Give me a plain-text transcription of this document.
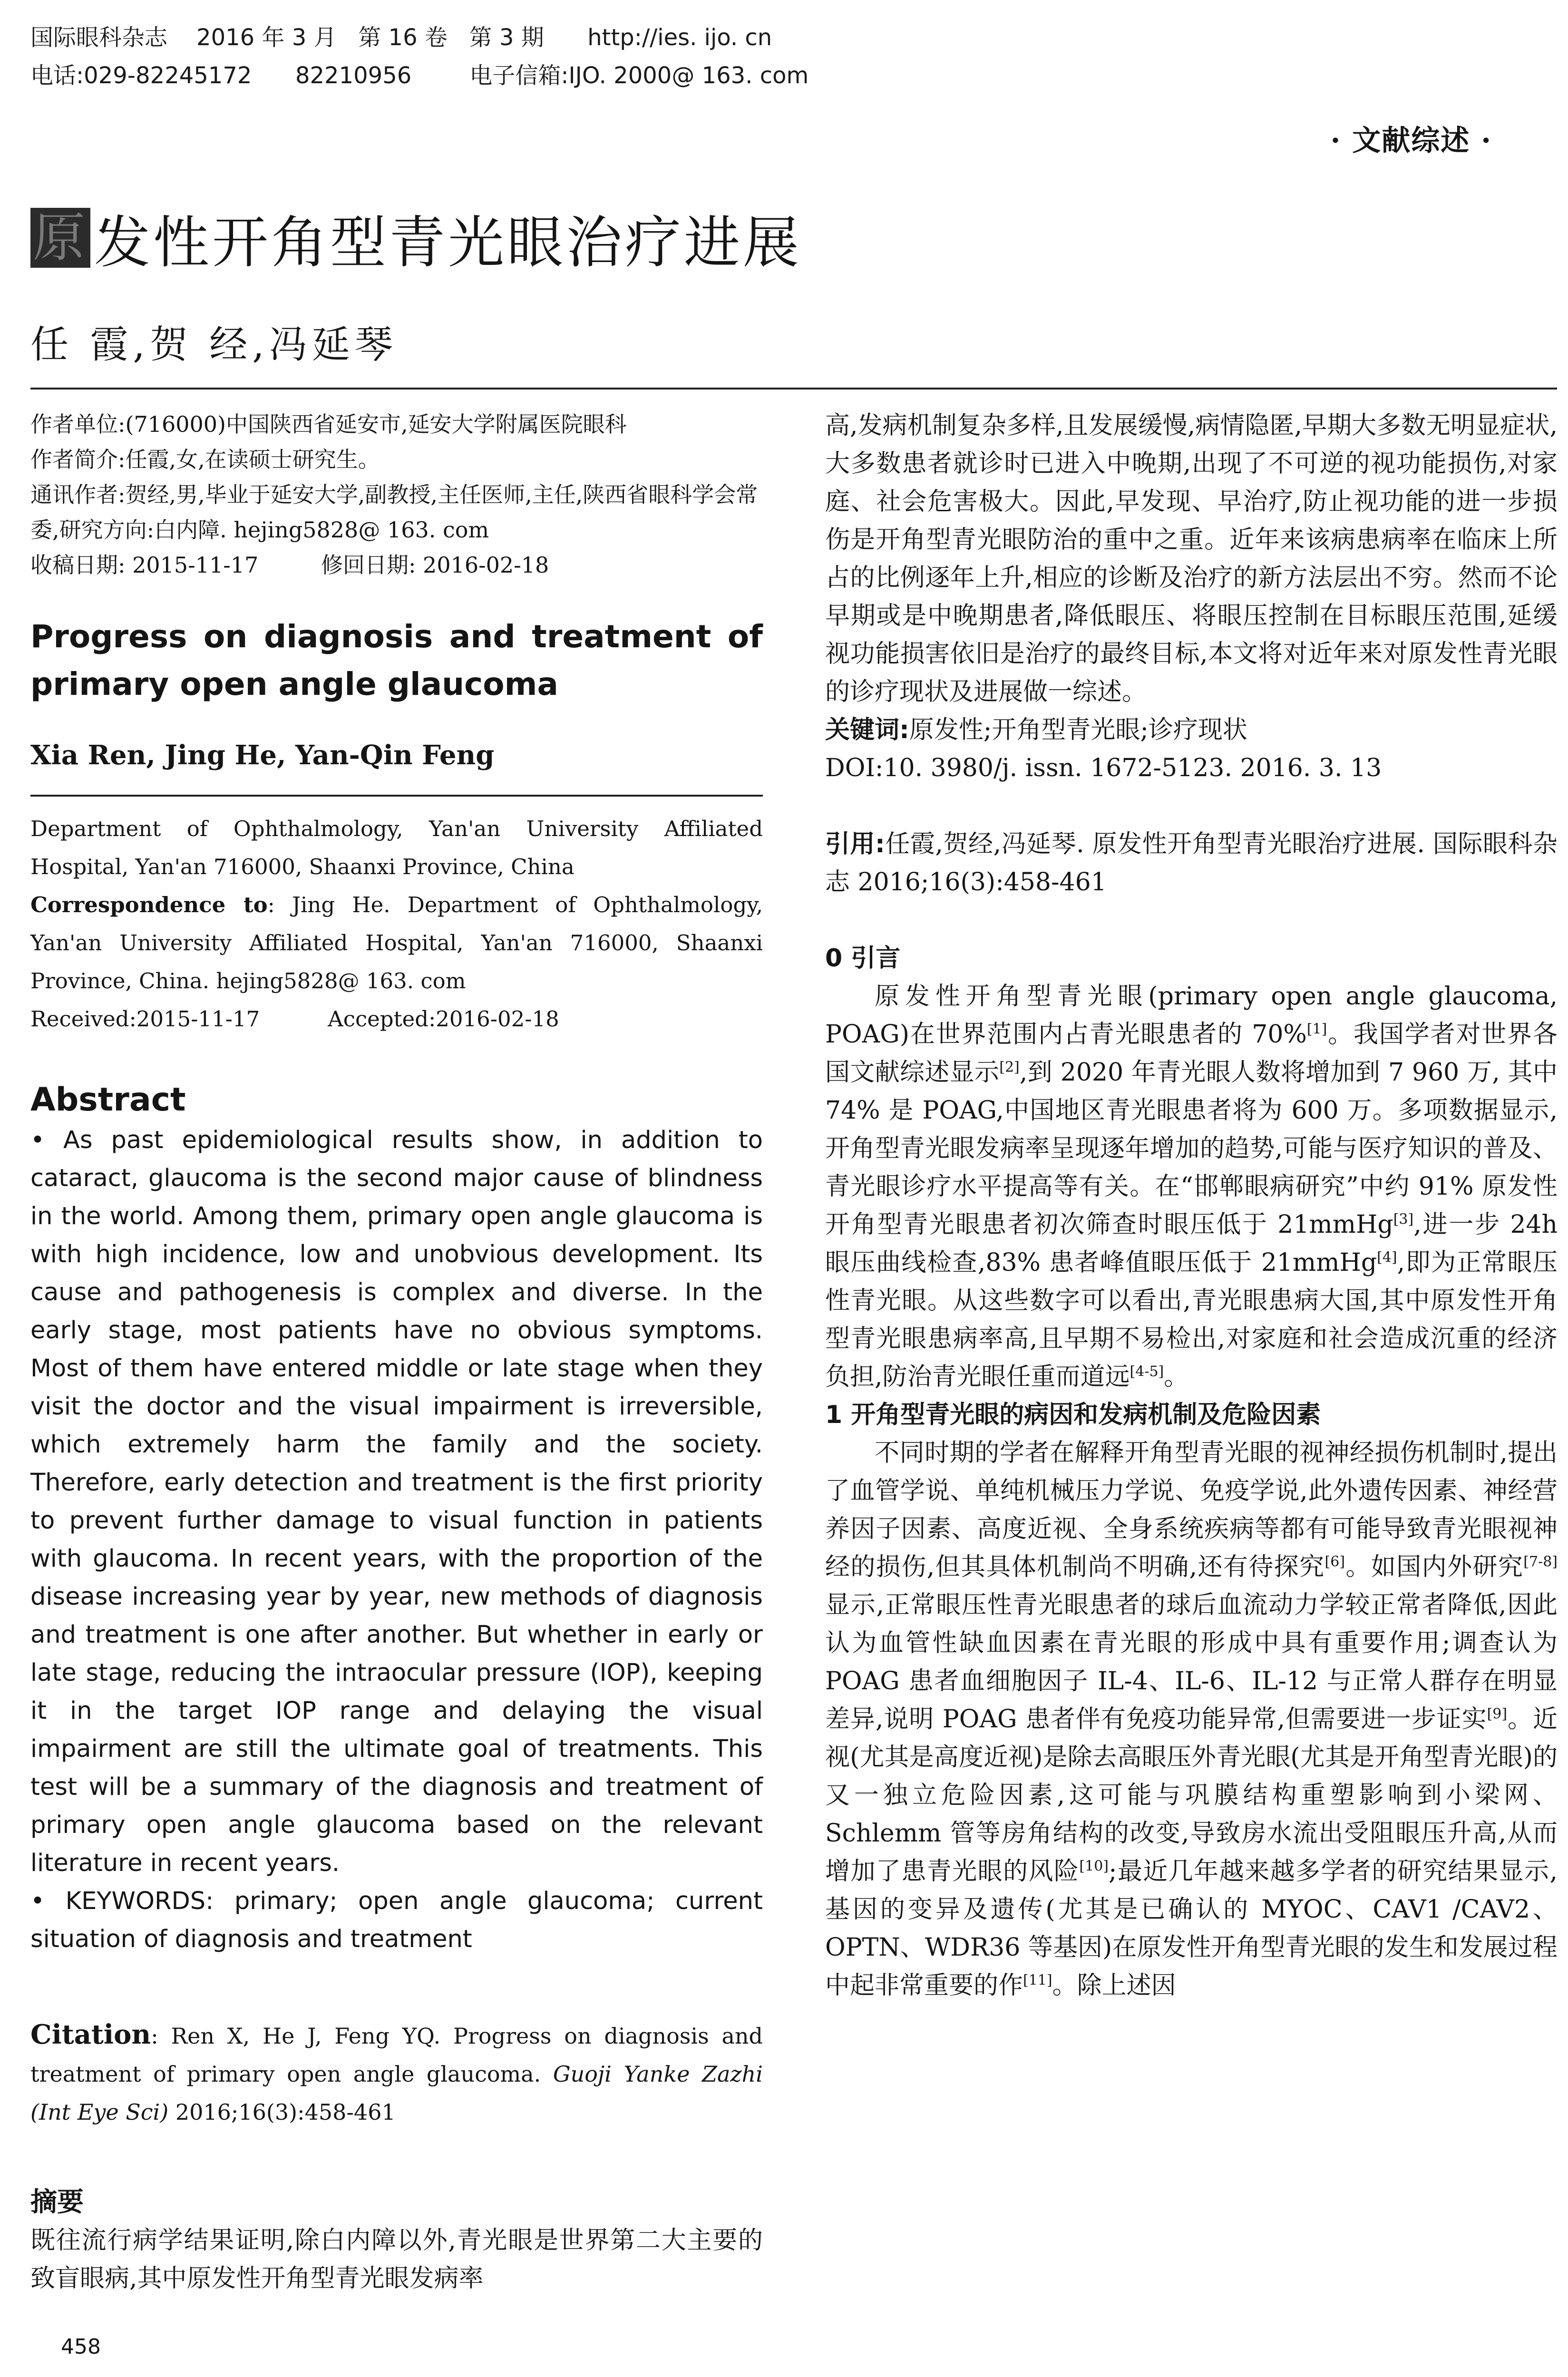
国际眼科杂志    2016 年 3 月   第 16 卷   第 3 期      http://ies. ijo. cn
电话:029-82245172      82210956        电子信箱:IJO. 2000@ 163. com
· 文献综述 ·
原 发性开角型青光眼治疗进展
任 霞,贺 经,冯延琴
作者单位:(716000)中国陕西省延安市,延安大学附属医院眼科
作者简介:任霞,女,在读硕士研究生。
通讯作者:贺经,男,毕业于延安大学,副教授,主任医师,主任,陕西省眼科学会常委,研究方向:白内障. hejing5828@ 163. com
收稿日期: 2015-11-17         修回日期: 2016-02-18
Progress on diagnosis and treatment of primary open angle glaucoma
Xia Ren, Jing He, Yan-Qin Feng
Department of Ophthalmology, Yan'an University Affiliated Hospital, Yan'an 716000, Shaanxi Province, China
Correspondence to: Jing He. Department of Ophthalmology, Yan'an University Affiliated Hospital, Yan'an 716000, Shaanxi Province, China. hejing5828@ 163. com
Received:2015-11-17          Accepted:2016-02-18
Abstract
• As past epidemiological results show, in addition to cataract, glaucoma is the second major cause of blindness in the world. Among them, primary open angle glaucoma is with high incidence, low and unobvious development. Its cause and pathogenesis is complex and diverse. In the early stage, most patients have no obvious symptoms. Most of them have entered middle or late stage when they visit the doctor and the visual impairment is irreversible, which extremely harm the family and the society. Therefore, early detection and treatment is the first priority to prevent further damage to visual function in patients with glaucoma. In recent years, with the proportion of the disease increasing year by year, new methods of diagnosis and treatment is one after another. But whether in early or late stage, reducing the intraocular pressure (IOP), keeping it in the target IOP range and delaying the visual impairment are still the ultimate goal of treatments. This test will be a summary of the diagnosis and treatment of primary open angle glaucoma based on the relevant literature in recent years.
• KEYWORDS: primary; open angle glaucoma; current situation of diagnosis and treatment
Citation: Ren X, He J, Feng YQ. Progress on diagnosis and treatment of primary open angle glaucoma. Guoji Yanke Zazhi (Int Eye Sci) 2016;16(3):458-461
摘要
既往流行病学结果证明,除白内障以外,青光眼是世界第二大主要的致盲眼病,其中原发性开角型青光眼发病率
高,发病机制复杂多样,且发展缓慢,病情隐匿,早期大多数无明显症状,大多数患者就诊时已进入中晚期,出现了不可逆的视功能损伤,对家庭、社会危害极大。因此,早发现、早治疗,防止视功能的进一步损伤是开角型青光眼防治的重中之重。近年来该病患病率在临床上所占的比例逐年上升,相应的诊断及治疗的新方法层出不穷。然而不论早期或是中晚期患者,降低眼压、将眼压控制在目标眼压范围,延缓视功能损害依旧是治疗的最终目标,本文将对近年来对原发性青光眼的诊疗现状及进展做一综述。
关键词:原发性;开角型青光眼;诊疗现状
DOI:10. 3980/j. issn. 1672-5123. 2016. 3. 13
引用:任霞,贺经,冯延琴. 原发性开角型青光眼治疗进展. 国际眼科杂志 2016;16(3):458-461
0 引言

原发性开角型青光眼(primary open angle glaucoma, POAG)在世界范围内占青光眼患者的 70%[1]。我国学者对世界各国文献综述显示[2],到 2020 年青光眼人数将增加到 7 960 万, 其中 74% 是 POAG,中国地区青光眼患者将为 600 万。多项数据显示,开角型青光眼发病率呈现逐年增加的趋势,可能与医疗知识的普及、青光眼诊疗水平提高等有关。在“邯郸眼病研究”中约 91% 原发性开角型青光眼患者初次筛查时眼压低于 21mmHg[3],进一步 24h 眼压曲线检查,83% 患者峰值眼压低于 21mmHg[4],即为正常眼压性青光眼。从这些数字可以看出,青光眼患病大国,其中原发性开角型青光眼患病率高,且早期不易检出,对家庭和社会造成沉重的经济负担,防治青光眼任重而道远[4-5]。

1 开角型青光眼的病因和发病机制及危险因素

不同时期的学者在解释开角型青光眼的视神经损伤机制时,提出了血管学说、单纯机械压力学说、免疫学说,此外遗传因素、神经营养因子因素、高度近视、全身系统疾病等都有可能导致青光眼视神经的损伤,但其具体机制尚不明确,还有待探究[6]。如国内外研究[7-8]显示,正常眼压性青光眼患者的球后血流动力学较正常者降低,因此认为血管性缺血因素在青光眼的形成中具有重要作用;调查认为 POAG 患者血细胞因子 IL-4、IL-6、IL-12 与正常人群存在明显差异,说明 POAG 患者伴有免疫功能异常,但需要进一步证实[9]。近视(尤其是高度近视)是除去高眼压外青光眼(尤其是开角型青光眼)的又一独立危险因素,这可能与巩膜结构重塑影响到小梁网、Schlemm 管等房角结构的改变,导致房水流出受阻眼压升高,从而增加了患青光眼的风险[10];最近几年越来越多学者的研究结果显示,基因的变异及遗传(尤其是已确认的 MYOC、CAV1 /CAV2、OPTN、WDR36 等基因)在原发性开角型青光眼的发生和发展过程中起非常重要的作[11]。除上述因

458
